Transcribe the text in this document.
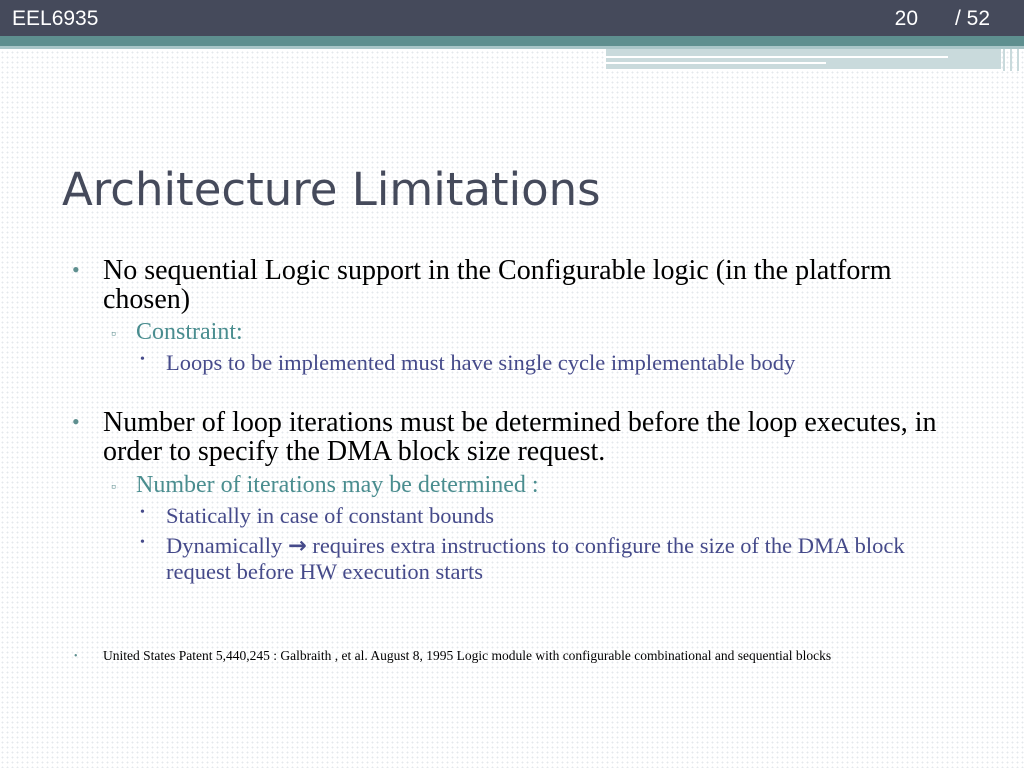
EEL6935	20 / 52
Architecture Limitations
• No sequential Logic support in the Configurable logic (in the platform chosen)
▫ Constraint:
• Loops to be implemented must have single cycle implementable body
• Number of loop iterations must be determined before the loop executes, in order to specify the DMA block size request.
▫ Number of iterations may be determined :
• Statically in case of constant bounds
• Dynamically → requires extra instructions to configure the size of the DMA block request before HW execution starts
• United States Patent 5,440,245 : Galbraith , et al. August 8, 1995 Logic module with configurable combinational and sequential blocks
